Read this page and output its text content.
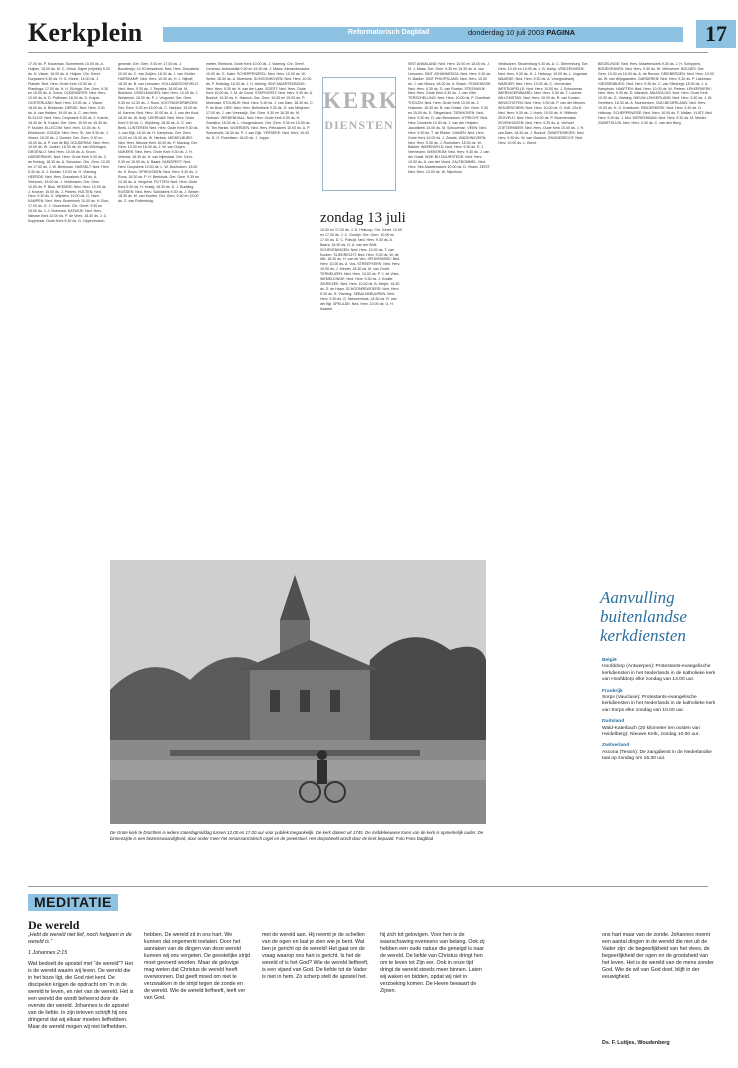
Kerkplein	Reformatorisch Dagblad	donderdag 10 juli 2003 PAGINA	17

17.00 ds. P. Kloosman. Sonnebeek 10.00 ds. A. Huijser, 18.00 ds. M. C. Geluk. Kapel (vrijheid) 9.30 ds. H. Visser, 18.00 ds. A. Huijser. Chr. Geref. Dorpskerk 9.30 ds. H. G. Kleine, 14.00 ds. J. Plaisier. Ned. Herv. Grote Kerk 10.00 ds. J. Plantinga; 17.00 ds. H. H. Elzinga. Ger. Gem. 9.30 en 15.00 ds. A. Schot. OUDEWATER: Ned. Herv. 10.00 ds. A. D. Puttiman; 18.30 ds. D. Kuiper. OOSTERLAND: Ned. Herv. 10.00 ds. J. Visser; 18.00 ds. A. Brinkman. DERDE: Ned. Herv. 9.30 ds. A. van Helden; 19.00 ds. A. C. van Herk. ELSLOO: Ned. Herv. Dorpskerk 9.30 ds. J. Koerts; 18.30 ds. N. Kuiper. Ger. Gem. 10.00 en 15.30 ds. P. Mulder. ELLECOM: Ned. Herv. 10.00 ds. K. Eikelboom. GOUDA: Ned. Herv. St. Jan 9.30 ds. J. Visser; 18.30 ds. J. Donker. Ger. Gem. 9.30 en 15.00 ds. A. P. van de Bijl. GOUDERAK: Ned. Herv. 10.00 ds. W. Jonker; 18.30 ds. W. van Wieringen. GROENLO: Ned. Herv. 10.00 ds. A. Kroon. HARDERWIJK: Ned. Herv. Grote Kerk 9.30 ds. C. de Koning; 18.30 ds. A. Schouten. Ger. Gem. 10.00 en 17.00 ds. J. W. Beekman. HASSELT: Ned. Herv. 9.30 ds. A. J. Mulder; 19.00 ds. H. Vlaming. HEERDE: Ned. Herv. Dorpskerk 9.30 ds. A. Verboom; 19.00 ds. J. Veldhuizen. Ger. Gem. 10.00 ds. P. Blok. HEEMSE: Ned. Herv. 10.00 ds. J. Kroeze; 15.00 ds. J. Pieters. HOLTEN: Ned. Herv. 9.30 ds. K. Wijnstra; 19.00 ds. G. Ham. KAMPEN: Ned. Herv. Bovenkerk 10.00 ds. H. Bos; 17.00 ds. G. J. Ouwerkerk. Chr. Geref. 9.30 en 15.00 ds. J. J. Boersma. KATWIJK: Ned. Herv. Nieuwe Kerk 10.00 ds. P. de Vries; 18.30 ds. J. C. Koppelaar. Oude Kerk 9.30 ds. G. Oppenhuizen.

genelde. Ger. Gem. 9.30 en 17.00 ds. J. Boudewijn; 14.30 leesdienst. Ned. Herv. Dorpskerk 10.00 ds. C. van Zuijlen; 18.30 ds. J. van Gelder. HARSKAMP: Ned. Herv. 10.00 ds. H. J. Nijhoff; 18.30 ds. B. van Leeuwen. HOLLANDSCHEVELD: Ned. Herv. 9.30 ds. J. Terpstra; 16.00 ds. M. Blokland. IJSSELMUIDEN: Ned. Herv. 10.00 ds. J. Westerink; 18.30 ds. P. J. Vergunst. Ger. Gem. 9.30 en 14.30 ds. J. Roos. KOOTWIJKERBROEK: Ger. Gem. 9.30 en 15.00 ds. C. Harinck; 19.00 ds. M. Karens. Ned. Herv. 10.00 ds. A. J. van der Kooi; 18.30 ds. W. Kuijt. LEERDAM: Ned. Herv. Grote Kerk 9.30 ds. C. Wijnberg; 18.30 ds. A. G. van Beek. LUNTEREN: Ned. Herv. Oude Kerk 9.30 ds. J. van Dijk; 18.30 ds. H. Kamphuis. Ger. Gem. 10.00 en 15.00 ds. W. Harinck. MIDDELBURG: Ned. Herv. Nieuwe Kerk 10.00 ds. P. Mackay. Ger. Gem. 10.00 en 16.00 ds. J. W. van Ooijen. NIJKERK: Ned. Herv. Grote Kerk 9.30 ds. J. H. Velema; 18.30 ds. H. van Nijendaal. Ger. Gem. 9.30 en 15.00 ds. A. Baars. NUNSPEET: Ned. Herv. Dorpskerk 10.00 ds. L. W. Boshuizen; 18.30 ds. K. Boon. OPHEUSDEN: Ned. Herv. 9.30 ds. J. Roos; 18.30 ds. P. H. Beekhuis. Ger. Gem. 9.30 en 14.30 ds. A. Vergunst. PUTTEN: Ned. Herv. Oude Kerk 9.30 ds. H. Kraaij; 18.30 ds. D. J. Budding. RIJSSEN: Ned. Herv. Schildkerk 9.30 ds. J. Belder; 18.30 ds. M. van Kooten. Ger. Gem. 9.30 en 15.00 ds. C. van Ruitenburg.

metter, Elmhurst, Grote Kerk 10.00 ds. J. Vlaming. Chr. Geref. Centrum. Asbrookflat 9.30 en 16.30 ds. J. Mauw. Alexandrinastra 10.00 ds. G. Kater. SCHERPENZEEL: Ned. Herv. 10.00 ds. W. Smits; 18.30 ds. A. Moerkerk. SCHOONHOVEN: Ned. Herv. 10.00 ds. P. Holtslag; 18.30 ds. J. H. Abbing. SINT-MAARTENSDIJK: Ned. Herv. 9.30 ds. H. van der Laan. SOEST: Ned. Herv. Oude Kerk 10.00 ds. J. M. de Groot. STAPHORST: Ned. Herv. 9.30 ds. A. Bonhof; 19.30 ds. K. Harinck. Ger. Gem. 10.00 en 15.00 ds. P. Molenaar. STOLWIJK: Ned. Herv. 9.30 ds. J. van Dam; 18.30 ds. C. P. de Boer. URK: Ned. Herv. Bethelkerk 9.30 ds. G. van Meijeren; 17.00 ds. J. van Vreeswijk. Ger. Gem. 9.30 en 16.30 ds. M. Hofman. VEENENDAAL: Ned. Herv. Oude Kerk 9.30 ds. H. Zweistra; 18.30 ds. L. Hoogendoorn. Ger. Gem. 9.30 en 15.00 ds. W. Ten Harkel. WOERDEN: Ned. Herv. Petruskerk 10.00 ds. A. P. Sonneveld; 18.30 ds. P. J. van Dijk. YERSEKE: Ned. Herv. 10.00 ds. D. G. Roelofsen; 18.00 ds. J. Joppe.

10.00 en 17.00 ds. J. D. Heikoop. Chr. Geref. 10.00 en 17.00 ds. J. C. Gordijn. Ger. Gem. 10.00 en 17.00 ds. D. C. Pottuijt. Ned. Herv. 9.30 ds. A. Baars; 18.30 ds. G. A. van der Wolf. SCHEVENINGEN: Ned. Herv. 10.00 ds. T. van Kooten. SLIEDRECHT: Ned. Herv. 9.30 ds. W. de Wit; 18.30 ds. H. van de Ven. SPIJKENISSE: Ned. Herv. 10.00 ds. A. Vos. STREEFKERK: Ned. Herv. 10.00 ds. J. Kieviet; 18.30 ds. M. van Oordt. TERNEUZEN: Ned. Herv. 10.00 ds. P. J. de Vries. WEMELDINGE: Ned. Herv. 9.30 ds. J. Kodde. ZIERIKZEE: Ned. Herv. 10.00 ds. B. Meijer; 18.30 ds. S. de Haan. SCHOONREWOERD: Ned. Herv. 9.30 ds. H. Vlaming. SEBALDEBUUREN: Ned. Herv. 9.30 ds. G. Nieuwenhuis; 18.30 ds. R. van der Bijl. SPEULDE: Ned. Herv. 10.00 ds. G. H. Kasteel.

SINT ANNALAND: Ned. Herv. 10.00 en 18.00 ds. J. M. J. Maas. Ger. Gem. 9.30 en 15.30 ds. A. van Leeuwen. SINT JOHANNESGA: Ned. Herv. 9.30 ds. H. Bakker. SINT PHILIPSLAND: Ned. Herv. 10.00 ds. J. van Meurs; 18.00 ds. A. Bosch. STAVENISSE: Ned. Herv. 9.30 ds. G. van Roekel. STEENWIJK: Ned. Herv. Grote Kerk 9.30 ds. J. van Vliet. TERSCHELLING: Ned. Herv. 10.00 ds. P. Goedhart. THOLEN: Ned. Herv. Grote Kerk 10.00 ds. J. Huisman; 18.30 ds. B. van Ginkel. Ger. Gem. 9.30 en 15.00 ds. D. Slingerland. TIENHOVEN: Ned. Herv. 9.30 ds. D. van Bennekom. UTRECHT: Ned. Herv. Domkerk 10.30 ds. J. van der Heijden; Jacobikerk 10.00 ds. M. Schuurman. VEEN: Ned. Herv. 9.30 ds. T. de Ridder. VIANEN: Ned. Herv. Grote Kerk 10.00 ds. J. Zwarts. WADDINXVEEN: Ned. Herv. 9.30 ds. J. Roelofsen; 18.30 ds. W. Bakker. WAPENVELD: Ned. Herv. 9.30 ds. E. J. Vermeulen. WEKEROM: Ned. Herv. 9.30 ds. J. van der Graaf. WIJK BIJ DUURSTEDE: Ned. Herv. 10.00 ds. A. van der Vloed. ZALTBOMMEL: Ned. Herv. Sint-Maartenskerk 10.00 ds. D. Visser. ZEIST: Ned. Herv. 10.00 ds. W. Nijenhuis.

Veldhuizen. Stoutenburg 9.30 ds. A. C. Sterrenburg. Ger. Gem. 10.00 en 15.00 ds. J. B. Kamp. VRIEZENVEEN: Ned. Herv. 9.30 ds. H. J. Heikoop; 19.00 ds. L. Vogelaar. WAARDE: Ned. Herv. 9.30 ds. A. Vroegindeweij. WARDER: Ned. Herv. 10.00 ds. C. Vermeulen. WESTKAPELLE: Ned. Herv. 10.00 ds. J. Schuurman. WIERINGERWAARD: Ned. Herv. 9.30 ds. T. Lonnee. WILLEMSTAD: Ned. Herv. 10.00 ds. R. van Kooten. WINSCHOTEN: Ned. Herv. 9.30 ds. P. van der Meulen. WOUDRICHEM: Ned. Herv. 10.00 ds. G. Kolf. ZALK: Ned. Herv. 9.30 ds. J. Hoek; 19.00 ds. H. Wilbrink. ZEGVELD: Ned. Herv. 10.00 ds. P. Bloemendaal. ZEVENHUIZEN: Ned. Herv. 9.30 ds. A. Verhoef. ZOETERMEER: Ned. Herv. Oude Kerk 10.00 ds. J. H. van Dam; 18.30 ds. J. Bonhof. ZWARTEBROEK: Ned. Herv. 9.30 ds. W. van Vlastuin. ZWIJNDRECHT: Ned. Herv. 10.00 ds. L. Kievit.

BIEZELINGE: Ned. Herv. Maartenskerk 9.30 ds. J. H. Schippers. BODEGRAVEN: Ned. Herv. 9.30 ds. W. Verhoeven. BOLNES: Ger. Gem. 10.00 en 16.00 ds. A. de Reuver. DRIEBERGEN: Ned. Herv. 10.00 ds. W. van Wijngaarden. GARDEREN: Ned. Herv. 9.30 ds. P. Lakeman. GIESSENBURG: Ned. Herv. 9.30 ds. C. van Sliedregt; 18.30 ds. J. A. Kamphuis. HAAFTEN: Ned. Herv. 10.00 ds. W. Pieters. LEKKERKERK: Ned. Herv. 9.30 ds. D. Wansink. MAASSLUIS: Ned. Herv. Grote Kerk 10.00 ds. G. Vlaming. NIEUW-LEKKERLAND: Ned. Herv. 9.30 ds. J. W. Gerritsen; 18.30 ds. A. Moerkerken. OUD-BEIJERLAND: Ned. Herv. 10.00 ds. H. G. Koekkoek. RIDDERKERK: Ned. Herv. 9.30 ds. D. Heikoop. SCHERPENISSE: Ned. Herv. 10.00 ds. F. Mallan. VLIST: Ned. Herv. 9.30 ds. J. Mol. WERKENDAM: Ned. Herv. 9.30 ds. M. Mulder. ZWARTSLUIS: Ned. Herv. 9.30 ds. C. van den Berg.

KERK
DIENSTEN
zondag 13 juli
De Grote kerk te Drachten is iedere zaterdagmiddag tussen 12.00 en 17.00 uur voor publiek toegankelijk. De kerk dateert uit 1745. De middeleeuwse toren van de kerk is opmerkelijk ouder. De binnenzijde is een bezienswaardigheid, door onder meer het renaissancistisch orgel en de preekstoel. Het dorpsbeeld wordt door de kerk bepaald. Foto Fries Dagblad
Aanvulling buitenlandse kerkdiensten

België
Hoofddorp (Antwerpen): Protestants-evangelische kerkdiensten in het Nederlands in de katholieke kerk van Hoofddorp elke zondag van 14.00 uur.

Frankrijk
Sorps (Vaucluse): Protestants-evangelische kerkdiensten in het Nederlands in de katholieke kerk van Sorps elke zondag van 10.00 uur.

Duitsland
Wald-Katerbach (20 kilometer ten oosten van Heidelberg): Nieuwe Kerk, zondag 10.00 uur.

Zwitserland
Ascona (Tessin): De zangdienst in de Nederlandse taal op zondag om 16.30 uur.

MEDITATIE
De wereld

„Hebt de wereld niet lief, noch hetgeen in de wereld is.”

1 Johannes 2:15

Wat bedoelt de apostel met “de wereld”? Het is de wereld waarin wij leven. De wereld die in het boze ligt, die God niet kent. De discipelen krijgen de opdracht om ‘m in de wereld te leven, en niet van de wereld. Het is een wereld die wordt beheerst door de overste der wereld. Johannes is de apostel van de liefde. In zijn brieven schrijft hij ons dringend dat wij elkaar moeten liefhebben. Maar de wereld mogen wij niet liefhebben.

hebben. De wereld zit in ons hart. We kunnen dat ongemerkt toelaten. Door het aanraken van de dingen van deze wereld kunnen wij ons vergeten. De geestelijke strijd moet gevoerd worden. Maar de gelovige mag weten dat Christus de wereld heeft overwonnen. Dat geeft moed om niet te verzwakken in de strijd tegen de zonde en de wereld. Wie de wereld liefheeft, leeft ver van God.

met de wereld aan. Hij neemt je de schellen van de ogen en laat je zien wie je bent. Wat ben je gericht op de wereld! Het gaat om de vraag waarop ons hart is gericht. Is het de wereld of is het God? Wie de wereld liefheeft, is een vijand van God. De liefde tot de Vader is niet in hem. Zo scherp stelt de apostel het.

hij zich tot gelovigen. Voor hen is de waarschuwing eveneens van belang. Ook zij hebben een oude natuur die geneigd is naar de wereld. De liefde van Christus dringt hen om te leven tot Zijn eer. Ook in onze tijd dringt de wereld steeds meer binnen. Laten wij waken en bidden, opdat wij niet in verzoeking komen. De Heere bewaart de Zijnen.

ons hart maar van de zonde. Johannes noemt een aantal dingen in de wereld die niet uit de Vader zijn: de begeerlijkheid van het vlees, de begeerlijkheid der ogen en de grootsheid van het leven. Het is de wereld van de mens zonder God. Wie de wil van God doet, blijft in der eeuwigheid.

Ds. F. Luitjes, Woudenberg
